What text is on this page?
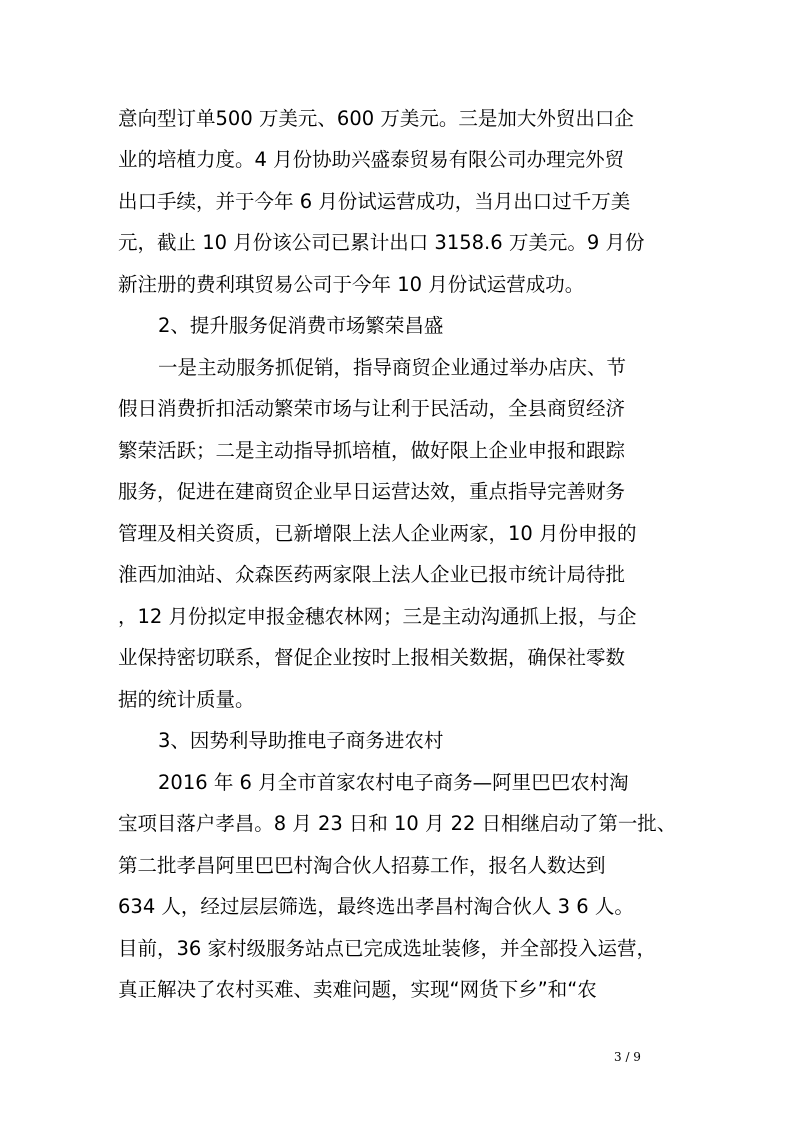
意向型订单500 万美元、600 万美元。三是加大外贸出口企
业的培植力度。4 月份协助兴盛泰贸易有限公司办理完外贸
出口手续，并于今年 6 月份试运营成功，当月出口过千万美
元，截止 10 月份该公司已累计出口 3158.6 万美元。9 月份
新注册的费利琪贸易公司于今年 10 月份试运营成功。
2、提升服务促消费市场繁荣昌盛
一是主动服务抓促销，指导商贸企业通过举办店庆、节
假日消费折扣活动繁荣市场与让利于民活动，全县商贸经济
繁荣活跃；二是主动指导抓培植，做好限上企业申报和跟踪
服务，促进在建商贸企业早日运营达效，重点指导完善财务
管理及相关资质，已新增限上法人企业两家，10 月份申报的
淮西加油站、众森医药两家限上法人企业已报市统计局待批
，12 月份拟定申报金穗农林网；三是主动沟通抓上报，与企
业保持密切联系，督促企业按时上报相关数据，确保社零数
据的统计质量。
3、因势利导助推电子商务进农村
2016 年 6 月全市首家农村电子商务—阿里巴巴农村淘
宝项目落户孝昌。8 月 23 日和 10 月 22 日相继启动了第一批、
第二批孝昌阿里巴巴村淘合伙人招募工作，报名人数达到
634 人，经过层层筛选，最终选出孝昌村淘合伙人 3 6 人。
目前，36 家村级服务站点已完成选址装修，并全部投入运营，
真正解决了农村买难、卖难问题，实现“网货下乡”和“农
3 / 9
